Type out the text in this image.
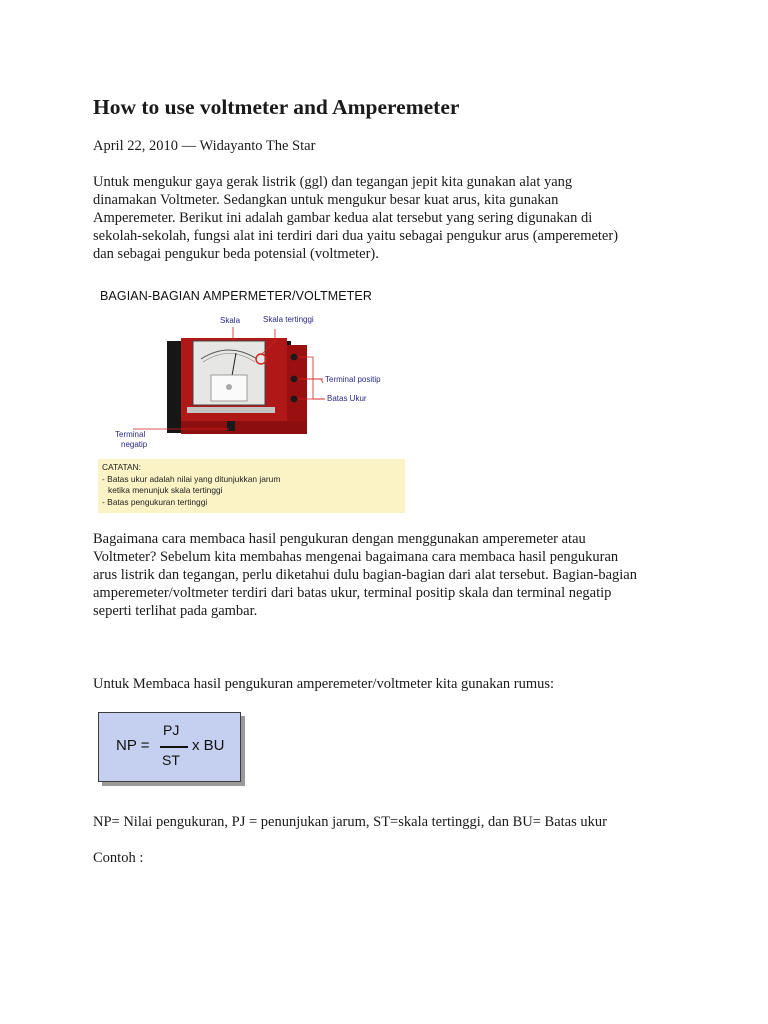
How to use voltmeter and Amperemeter
April 22, 2010 — Widayanto The Star

Untuk mengukur gaya gerak listrik (ggl) dan tegangan jepit kita gunakan alat yang
dinamakan Voltmeter. Sedangkan untuk mengukur besar kuat arus, kita gunakan
Amperemeter. Berikut ini adalah gambar kedua alat tersebut yang sering digunakan di
sekolah-sekolah, fungsi alat ini terdiri dari dua yaitu sebagai pengukur arus (amperemeter)
dan sebagai pengukur beda potensial (voltmeter).

Bagaimana cara membaca hasil pengukuran dengan menggunakan amperemeter atau
Voltmeter? Sebelum kita membahas mengenai bagaimana cara membaca hasil pengukuran
arus listrik dan tegangan, perlu diketahui dulu bagian-bagian dari alat tersebut. Bagian-bagian
amperemeter/voltmeter terdiri dari batas ukur, terminal positip skala dan terminal negatip
seperti terlihat pada gambar.

Untuk Membaca hasil pengukuran amperemeter/voltmeter kita gunakan rumus:

NP= Nilai pengukuran, PJ = penunjukan jarum, ST=skala tertinggi, dan BU= Batas ukur

Contoh :

BAGIAN-BAGIAN AMPERMETER/VOLTMETER
Skala	Skala tertinggi
Terminal positip
Batas Ukur
Terminal
negatip
CATATAN:
- Batas ukur adalah nilai yang ditunjukkan jarum
ketika menunjuk skala tertinggi
- Batas pengukuran tertinggi
NP =
PJ
ST
x BU
